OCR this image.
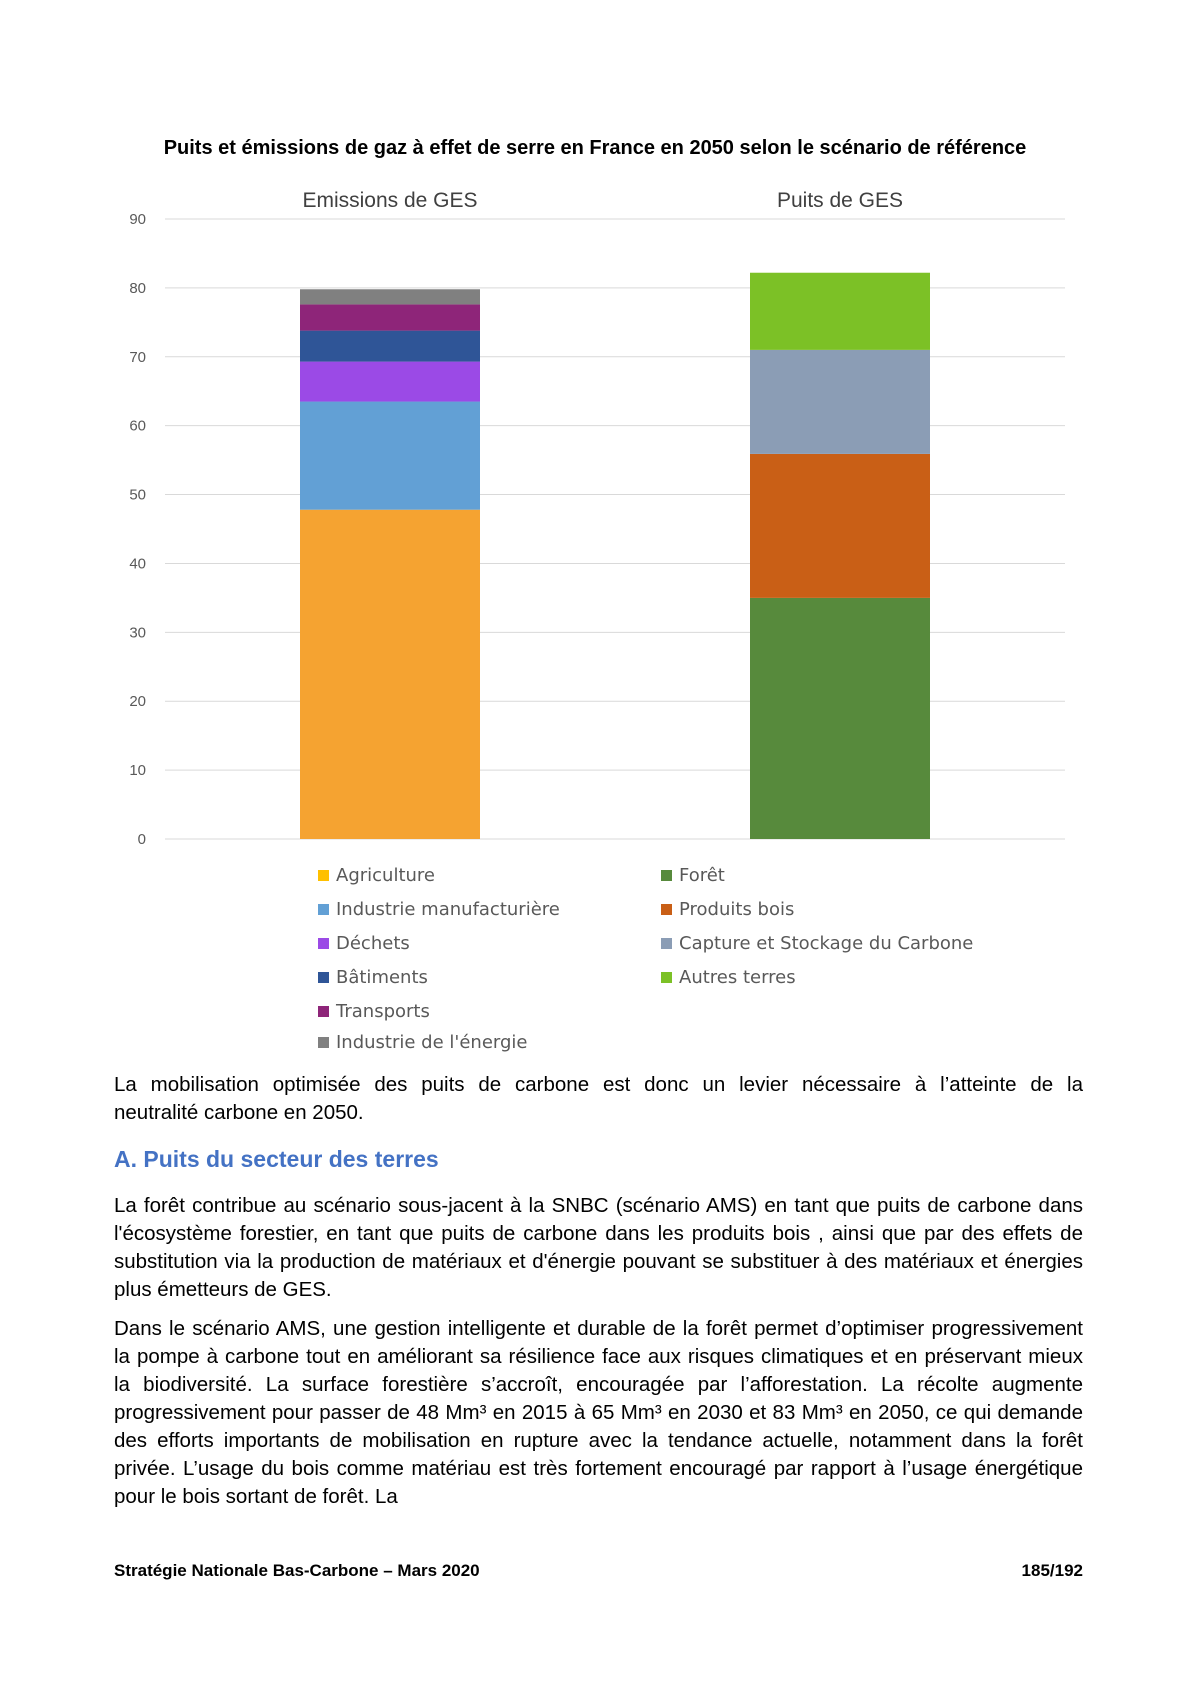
Puits et émissions de gaz à effet de serre en France en 2050 selon le scénario de référence
0
10
20
30
40
50
60
70
80
90
Emissions de GES	Puits de GES
Agriculture
Industrie manufacturière
Déchets
Bâtiments
Transports
Industrie de l'énergie
Forêt
Produits bois
Capture et Stockage du Carbone
Autres terres

La mobilisation optimisée des puits de carbone est donc un levier nécessaire à l’atteinte de la
neutralité carbone en 2050.

A. Puits du secteur des terres

La forêt contribue au scénario sous-jacent à la SNBC (scénario AMS) en tant que puits de carbone dans l'écosystème forestier, en tant que puits de carbone dans les produits bois , ainsi que par des effets de substitution via la production de matériaux et d'énergie pouvant se substituer à des matériaux et énergies plus émetteurs de GES.

Dans le scénario AMS, une gestion intelligente et durable de la forêt permet d’optimiser progressivement la pompe à carbone tout en améliorant sa résilience face aux risques climatiques et en préservant mieux la biodiversité. La surface forestière s’accroît, encouragée par l’afforestation. La récolte augmente progressivement pour passer de 48 Mm³ en 2015 à 65 Mm³ en 2030 et 83 Mm³ en 2050, ce qui demande des efforts importants de mobilisation en rupture avec la tendance actuelle, notamment dans la forêt privée. L’usage du bois comme matériau est très fortement encouragé par rapport à l’usage énergétique pour le bois sortant de forêt. La

Stratégie Nationale Bas-Carbone – Mars 2020	185/192
